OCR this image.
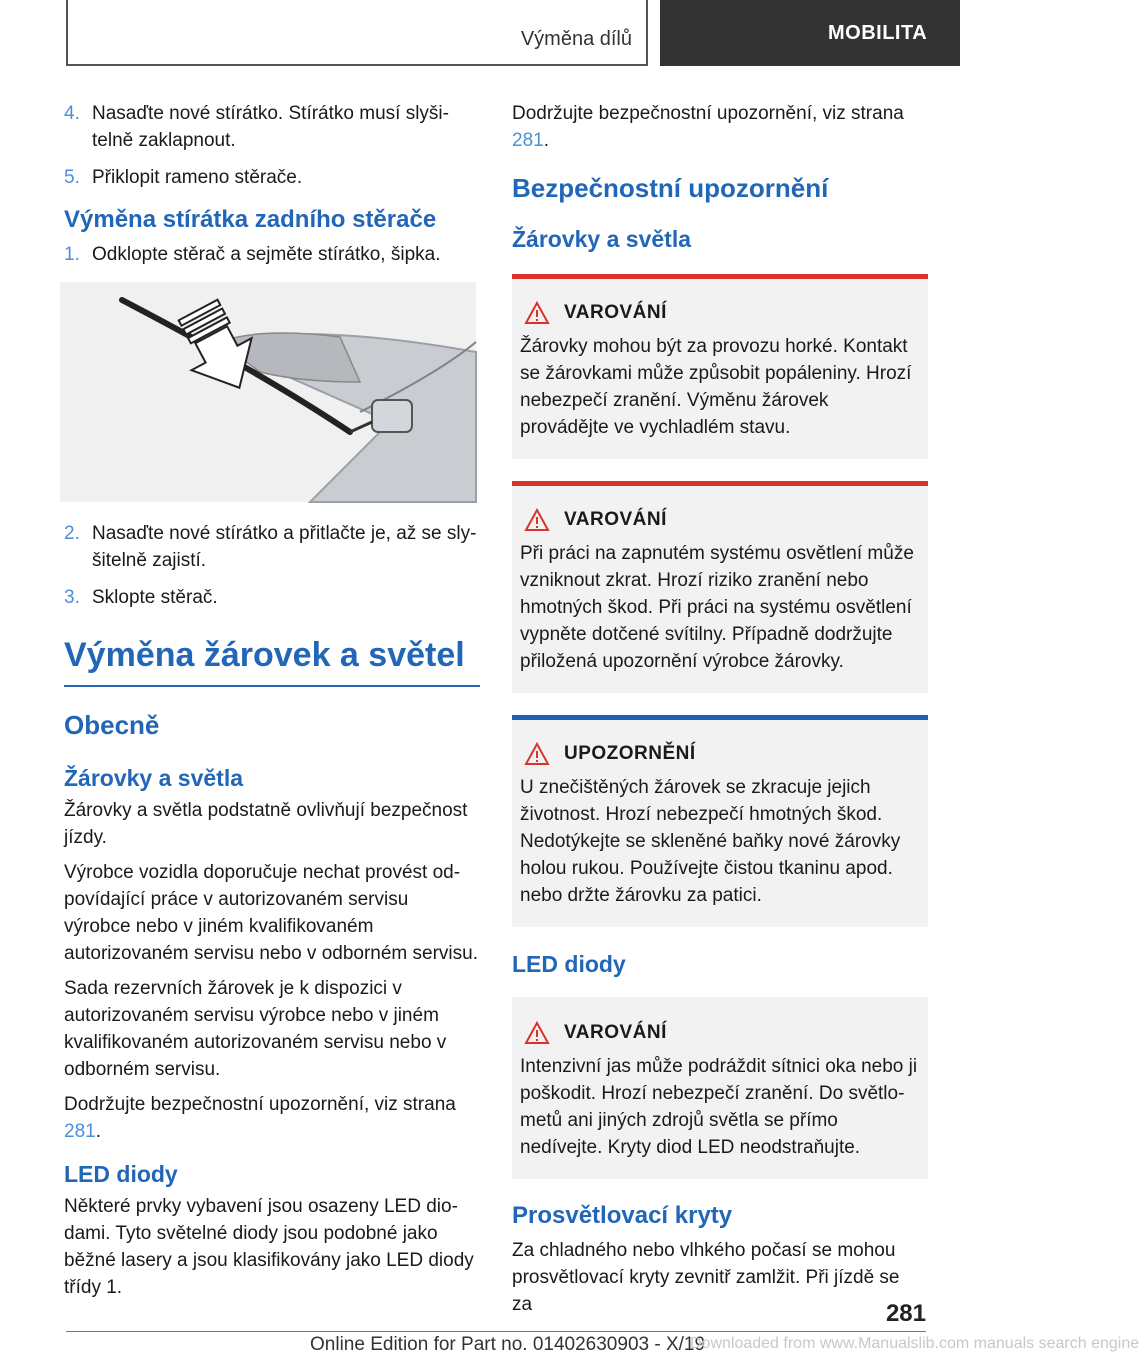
Výměna dílů	MOBILITA
4. Nasaďte nové stírátko. Stírátko musí slyšitelně zaklapnout.
5. Přiklopit rameno stěrače.
Výměna stírátka zadního stěrače
1. Odklopte stěrač a sejměte stírátko, šipka.
2. Nasaďte nové stírátko a přitlačte je, až se slyšitelně zajistí.
3. Sklopte stěrač.
Výměna žárovek a světel
Obecně
Žárovky a světla

Žárovky a světla podstatně ovlivňují bezpečnost jízdy.

Výrobce vozidla doporučuje nechat provést odpovídající práce v autorizovaném servisu výrobce nebo v jiném kvalifikovaném autorizovaném servisu nebo v odborném servisu.

Sada rezervních žárovek je k dispozici v autorizovaném servisu výrobce nebo v jiném kvalifikovaném autorizovaném servisu nebo v odborném servisu.

Dodržujte bezpečnostní upozornění, viz strana 281.

LED diody

Některé prvky vybavení jsou osazeny LED diodami. Tyto světelné diody jsou podobné jako běžné lasery a jsou klasifikovány jako LED diody třídy 1.

Dodržujte bezpečnostní upozornění, viz strana 281.

Bezpečnostní upozornění
Žárovky a světla
VAROVÁNÍ

Žárovky mohou být za provozu horké. Kontakt se žárovkami může způsobit popáleniny. Hrozí nebezpečí zranění. Výměnu žárovek provádějte ve vychladlém stavu.

VAROVÁNÍ

Při práci na zapnutém systému osvětlení může vzniknout zkrat. Hrozí riziko zranění nebo hmotných škod. Při práci na systému osvětlení vypněte dotčené svítilny. Případně dodržujte přiložená upozornění výrobce žárovky.

UPOZORNĚNÍ

U znečištěných žárovek se zkracuje jejich životnost. Hrozí nebezpečí hmotných škod. Nedotýkejte se skleněné baňky nové žárovky holou rukou. Používejte čistou tkaninu apod. nebo držte žárovku za patici.

LED diody
VAROVÁNÍ

Intenzivní jas může podráždit sítnici oka nebo ji poškodit. Hrozí nebezpečí zranění. Do světlometů ani jiných zdrojů světla se přímo nedívejte. Kryty diod LED neodstraňujte.

Prosvětlovací kryty

Za chladného nebo vlhkého počasí se mohou prosvětlovací kryty zevnitř zamlžit. Při jízdě se za	281
Online Edition for Part no. 01402630903 - X/19
Downloaded from www.Manualslib.com manuals search engine
